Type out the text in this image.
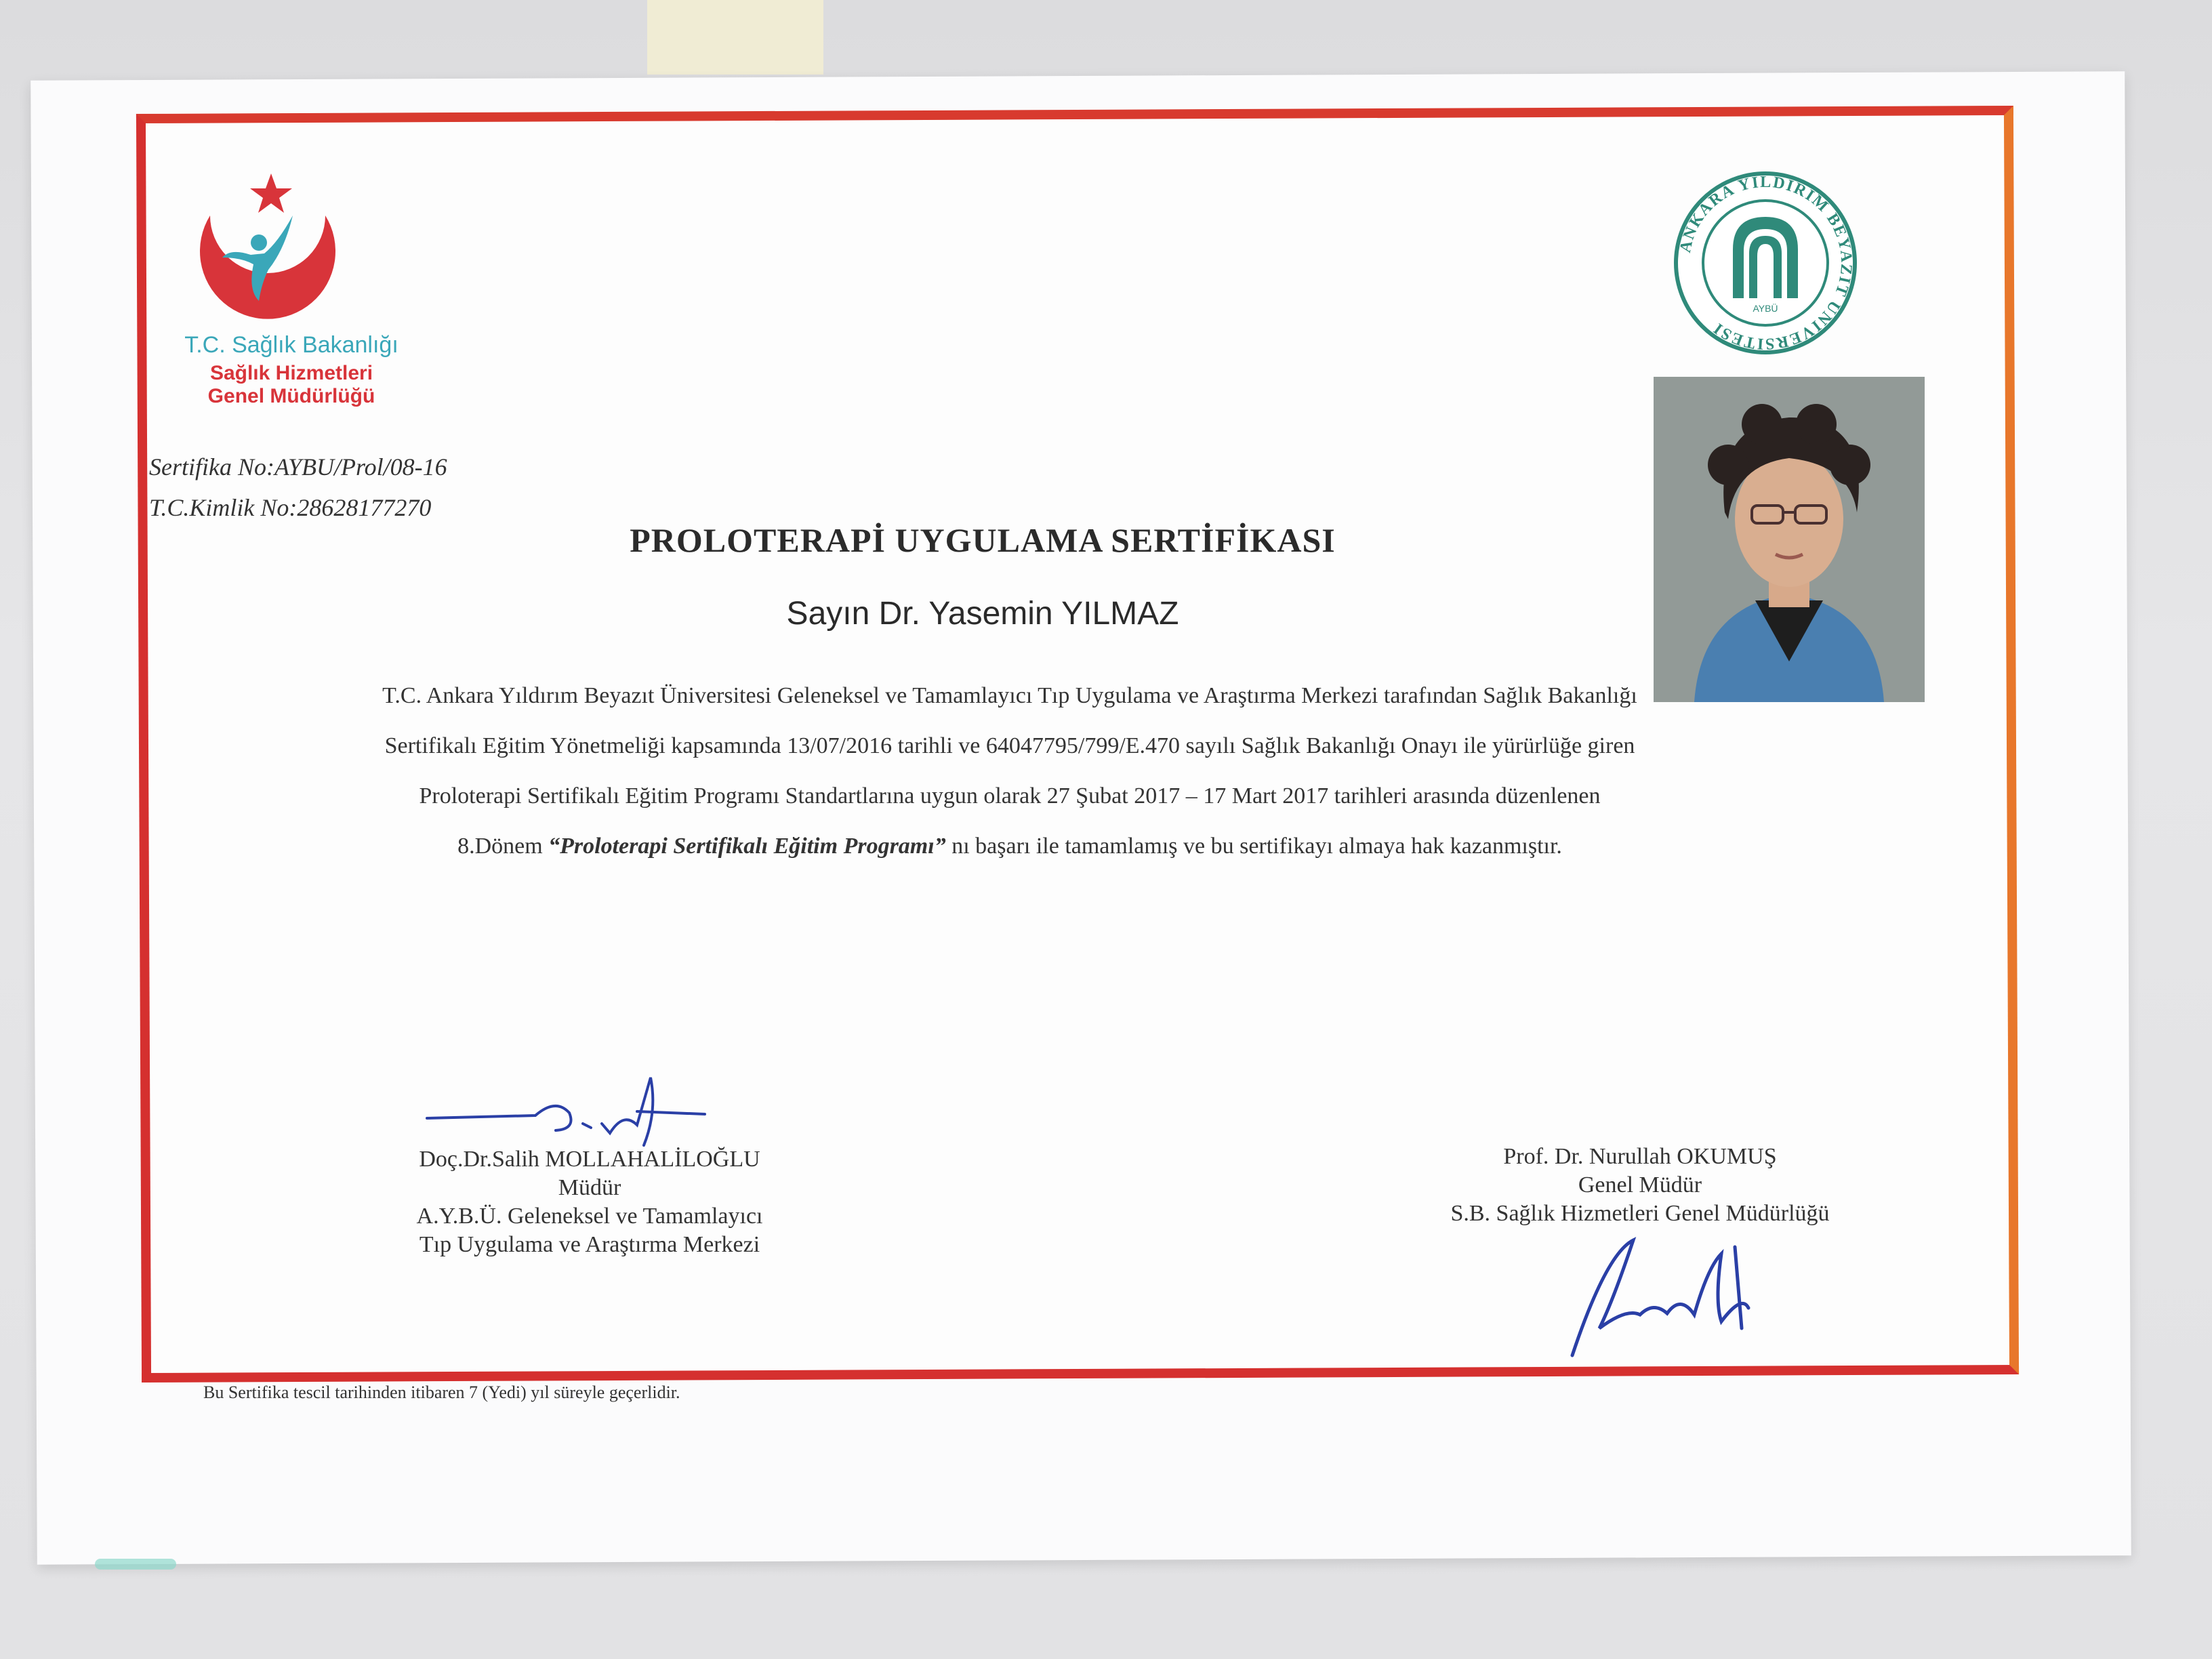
T.C. Sağlık Bakanlığı
Sağlık Hizmetleri
Genel Müdürlüğü
Sertifika No:AYBU/Prol/08-16
T.C.Kimlik No:28628177270
PROLOTERAPİ UYGULAMA SERTİFİKASI
Sayın Dr. Yasemin YILMAZ
T.C. Ankara Yıldırım Beyazıt Üniversitesi Geleneksel ve Tamamlayıcı Tıp Uygulama ve Araştırma Merkezi tarafından Sağlık Bakanlığı
Sertifikalı Eğitim Yönetmeliği kapsamında 13/07/2016 tarihli ve 64047795/799/E.470 sayılı Sağlık Bakanlığı Onayı ile yürürlüğe giren
Proloterapi Sertifikalı Eğitim Programı Standartlarına uygun olarak 27 Şubat 2017 – 17 Mart 2017 tarihleri arasında düzenlenen
8.Dönem “Proloterapi Sertifikalı Eğitim Programı” nı başarı ile tamamlamış ve bu sertifikayı almaya hak kazanmıştır.
AYBÜ
ANKARA YILDIRIM BEYAZIT ÜNİVERSİTESİ
Doç.Dr.Salih MOLLAHALİLOĞLU
Müdür
A.Y.B.Ü. Geleneksel ve Tamamlayıcı
Tıp Uygulama ve Araştırma Merkezi
Prof. Dr. Nurullah OKUMUŞ
Genel Müdür
S.B. Sağlık Hizmetleri Genel Müdürlüğü
Bu Sertifika tescil tarihinden itibaren 7 (Yedi) yıl süreyle geçerlidir.
